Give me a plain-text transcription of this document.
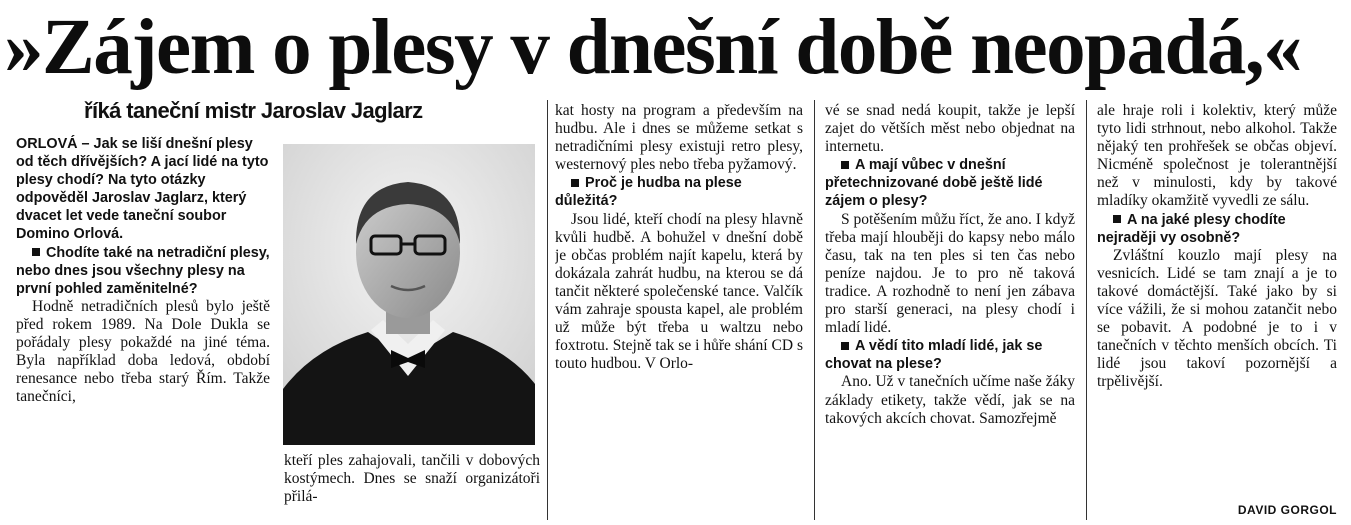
»Zájem o plesy v dnešní době neopadá,«
říká taneční mistr Jaroslav Jaglarz

ORLOVÁ – Jak se liší dnešní plesy od těch dřívějších? A jací lidé na tyto plesy chodí? Na tyto otázky odpověděl Jaroslav Jaglarz, který dvacet let vede taneční soubor Domino Orlová.

Chodíte také na netradiční plesy, nebo dnes jsou všechny plesy na první pohled zaměnitelné?

Hodně netradičních plesů bylo ještě před rokem 1989. Na Dole Dukla se pořádaly plesy pokaždé na jiné téma. Byla například doba ledová, období renesance nebo třeba starý Řím. Takže tanečníci,

kteří ples zahajovali, tančili v dobových kostýmech. Dnes se snaží organizátoři přilá-

kat hosty na program a především na hudbu. Ale i dnes se můžeme setkat s netradičními plesy existuji retro plesy, westernový ples nebo třeba pyžamový.

Proč je hudba na plese důležitá?

Jsou lidé, kteří chodí na plesy hlavně kvůli hudbě. A bohužel v dnešní době je občas problém najít kapelu, která by dokázala zahrát hudbu, na kterou se dá tančit některé společenské tance. Valčík vám zahraje spousta kapel, ale problém už může být třeba u waltzu nebo foxtrotu. Stejně tak se i hůře shání CD s touto hudbou. V Orlo-

vé se snad nedá koupit, takže je lepší zajet do větších měst nebo objednat na internetu.

A mají vůbec v dnešní přetechnizované době ještě lidé zájem o plesy?

S potěšením můžu říct, že ano. I když třeba mají hlouběji do kapsy nebo málo času, tak na ten ples si ten čas nebo peníze najdou. Je to pro ně taková tradice. A rozhodně to není jen zábava pro starší generaci, na plesy chodí i mladí lidé.

A vědí tito mladí lidé, jak se chovat na plese?

Ano. Už v tanečních učíme naše žáky základy etikety, takže vědí, jak se na takových akcích chovat. Samozřejmě

ale hraje roli i kolektiv, který může tyto lidi strhnout, nebo alkohol. Takže nějaký ten prohřešek se občas objeví. Nicméně společnost je tolerantnější než v minulosti, kdy by takové mladíky okamžitě vyvedli ze sálu.

A na jaké plesy chodíte nejraději vy osobně?

Zvláštní kouzlo mají plesy na vesnicích. Lidé se tam znají a je to takové domáctější. Také jako by si více vážili, že si mohou zatančit nebo se pobavit. A podobné je to i v tanečních v těchto menších obcích. Ti lidé jsou takoví pozornější a trpělivější.

DAVID GORGOL
